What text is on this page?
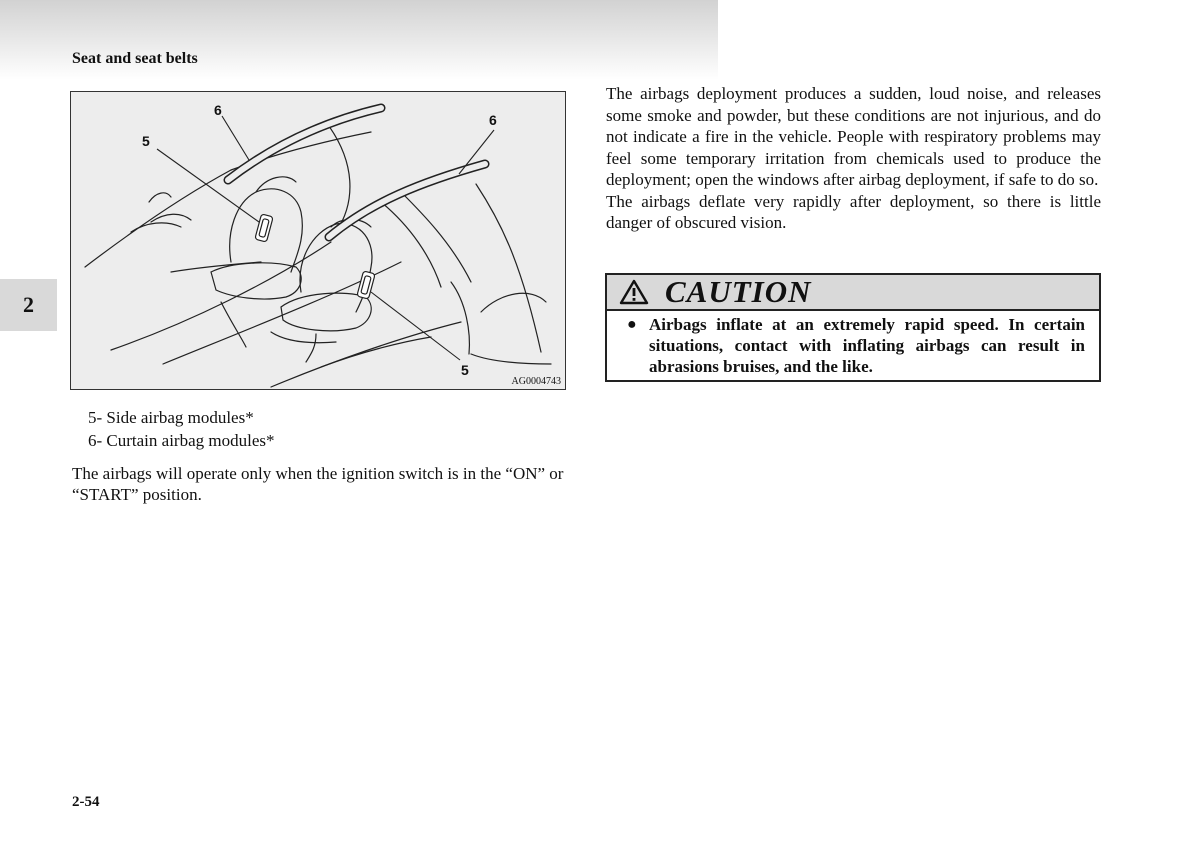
Seat and seat belts
2
6
6
5
5
AG0004743
5- Side airbag modules*
6- Curtain airbag modules*
The airbags will operate only when the ignition switch is in the “ON” or “START” position.

The airbags deployment produces a sudden, loud noise, and releases some smoke and powder, but these conditions are not injurious, and do not indicate a fire in the vehicle. People with respiratory problems may feel some temporary irritation from chemicals used to produce the deployment; open the windows after airbag deployment, if safe to do so.

The airbags deflate very rapidly after deployment, so there is little danger of obscured vision.

CAUTION
● Airbags inflate at an extremely rapid speed. In certain situations, contact with inflating airbags can result in abrasions bruises, and the like.
2-54
